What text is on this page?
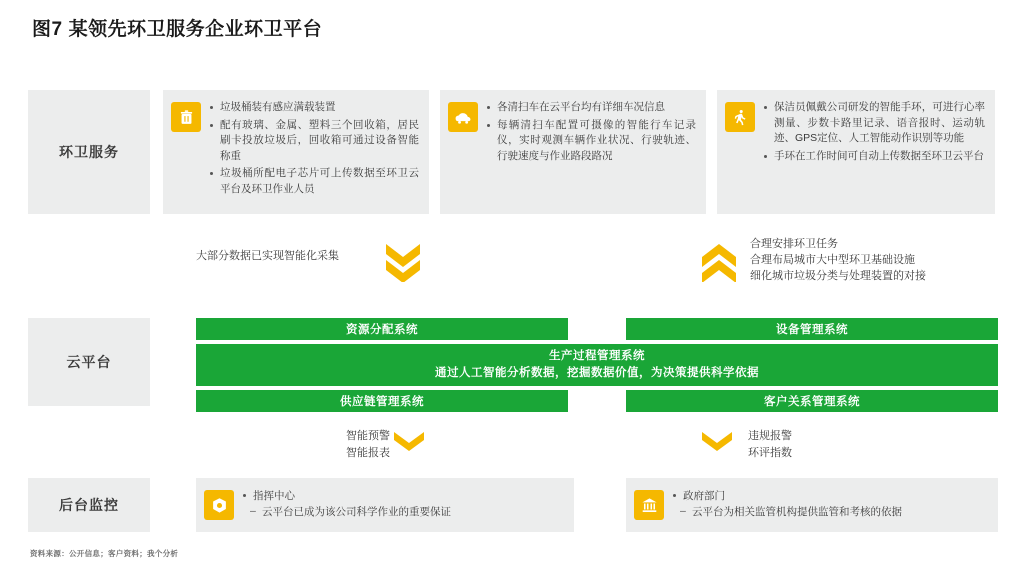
图7 某领先环卫服务企业环卫平台
环卫服务
云平台
后台监控
垃圾桶装有感应满载装置
配有玻璃、金属、塑料三个回收箱，居民刷卡投放垃圾后，回收箱可通过设备智能称重
垃圾桶所配电子芯片可上传数据至环卫云平台及环卫作业人员
各清扫车在云平台均有详细车况信息
每辆清扫车配置可摄像的智能行车记录仪，实时观测车辆作业状况、行驶轨迹、行驶速度与作业路段路况
保洁员佩戴公司研发的智能手环，可进行心率测量、步数卡路里记录、语音报时、运动轨迹、GPS定位、人工智能动作识别等功能
手环在工作时间可自动上传数据至环卫云平台
大部分数据已实现智能化采集
合理安排环卫任务
合理布局城市大中型环卫基础设施
细化城市垃圾分类与处理装置的对接
资源分配系统	设备管理系统
生产过程管理系统
通过人工智能分析数据，挖掘数据价值，为决策提供科学依据
供应链管理系统	客户关系管理系统
智能预警
智能报表
违规报警
环评指数
指挥中心
– 云平台已成为该公司科学作业的重要保证
政府部门
– 云平台为相关监管机构提供监管和考核的依据
资料来源：公开信息；客户资料；我个分析
